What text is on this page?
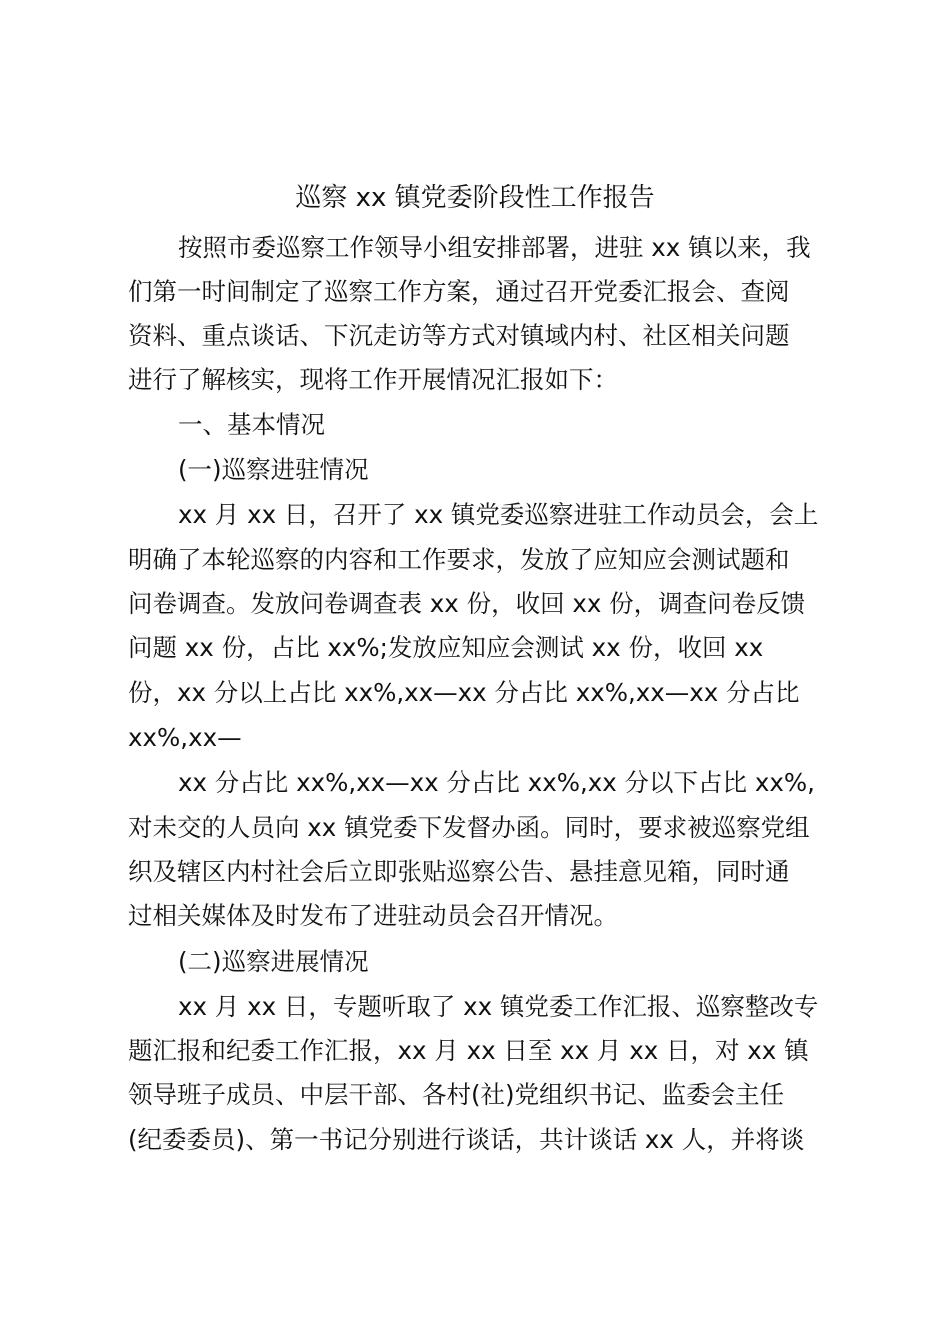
巡察 xx 镇党委阶段性工作报告
按照市委巡察工作领导小组安排部署，进驻 xx 镇以来，我
们第一时间制定了巡察工作方案，通过召开党委汇报会、查阅
资料、重点谈话、下沉走访等方式对镇域内村、社区相关问题
进行了解核实，现将工作开展情况汇报如下：
一、基本情况
(一)巡察进驻情况
xx 月 xx 日，召开了 xx 镇党委巡察进驻工作动员会，会上
明确了本轮巡察的内容和工作要求，发放了应知应会测试题和
问卷调查。发放问卷调查表 xx 份，收回 xx 份，调查问卷反馈
问题 xx 份，占比 xx%;发放应知应会测试 xx 份，收回 xx
份，xx 分以上占比 xx%,xx—xx 分占比 xx%,xx—xx 分占比
xx%,xx—
xx 分占比 xx%,xx—xx 分占比 xx%,xx 分以下占比 xx%,
对未交的人员向 xx 镇党委下发督办函。同时，要求被巡察党组
织及辖区内村社会后立即张贴巡察公告、悬挂意见箱，同时通
过相关媒体及时发布了进驻动员会召开情况。
(二)巡察进展情况
xx 月 xx 日，专题听取了 xx 镇党委工作汇报、巡察整改专
题汇报和纪委工作汇报，xx 月 xx 日至 xx 月 xx 日，对 xx 镇
领导班子成员、中层干部、各村(社)党组织书记、监委会主任
(纪委委员)、第一书记分别进行谈话，共计谈话 xx 人，并将谈
